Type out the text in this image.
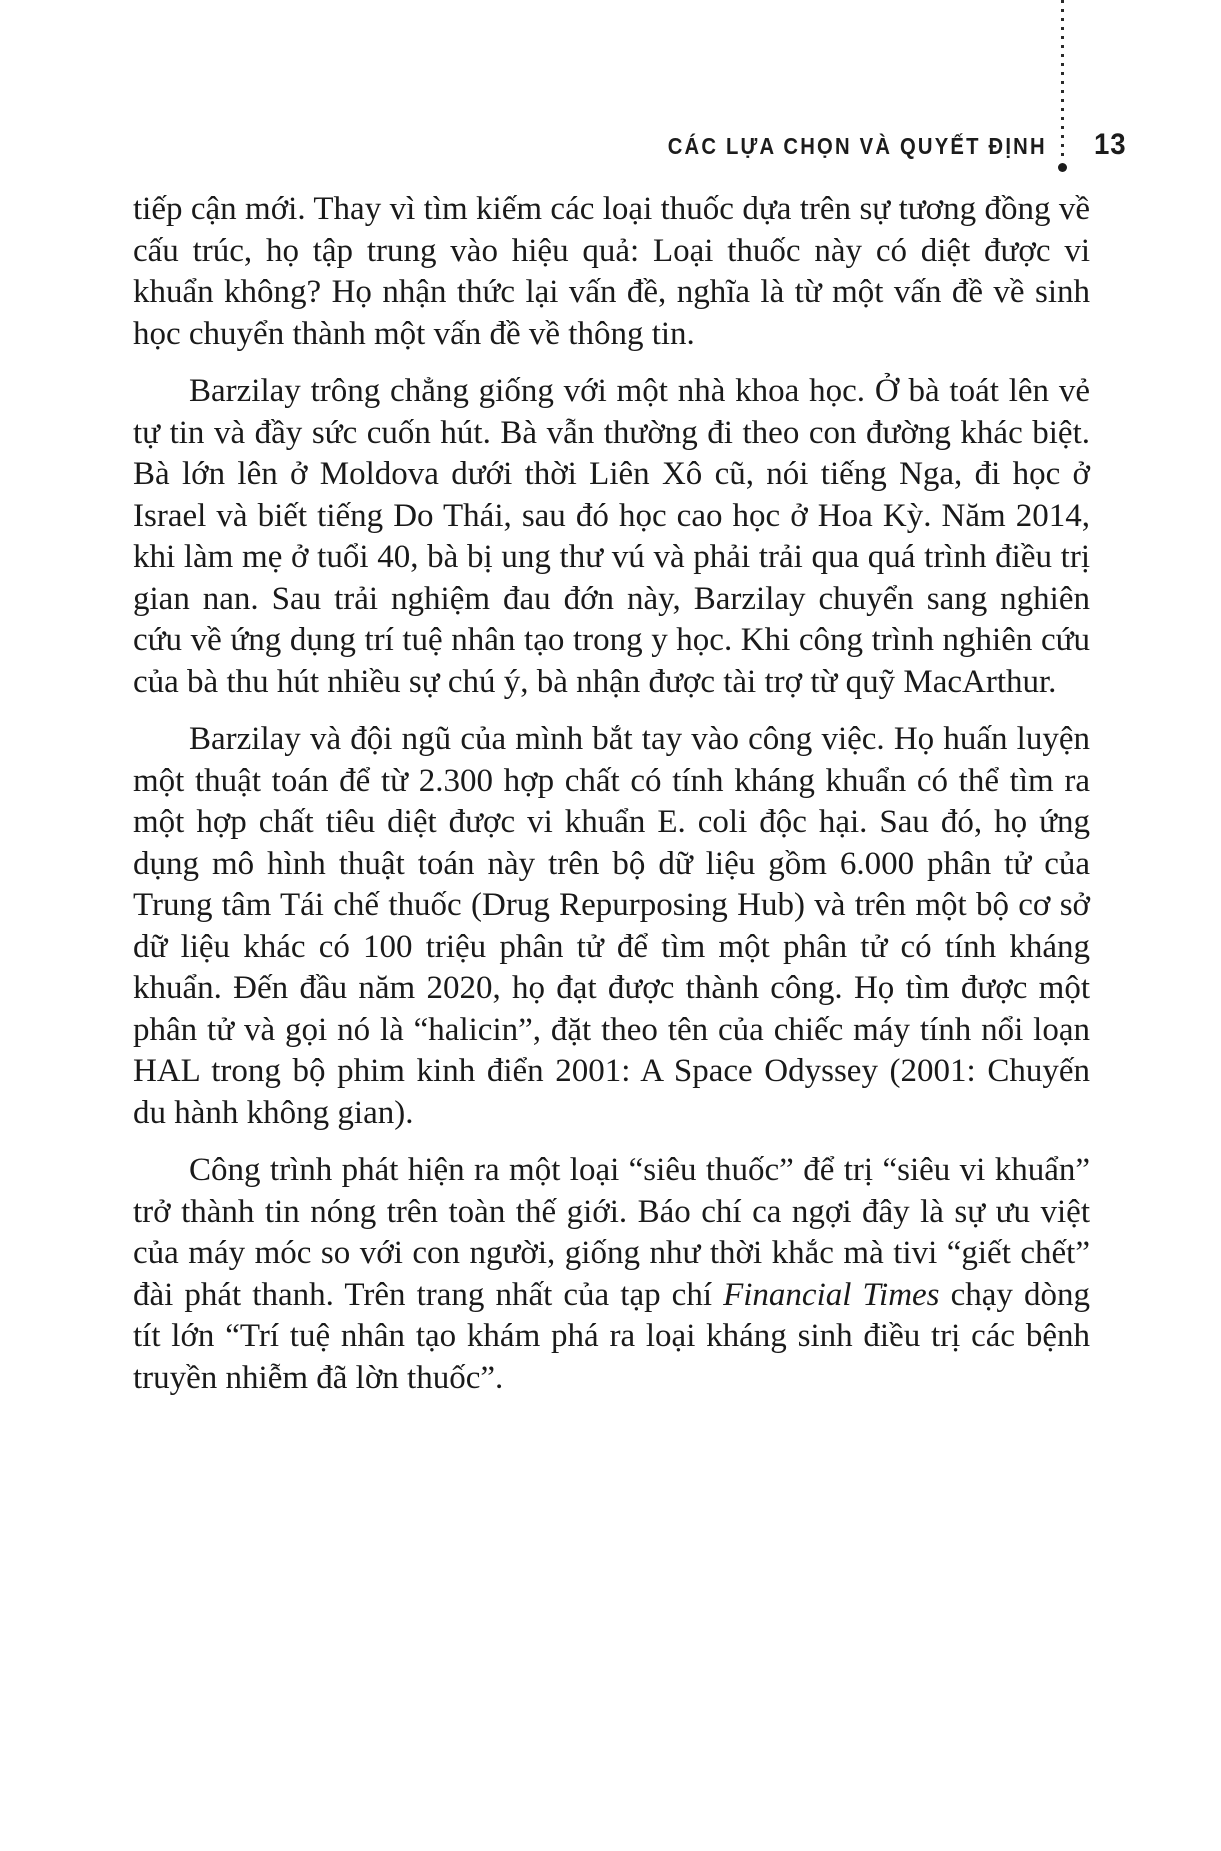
CÁC LỰA CHỌN VÀ QUYẾT ĐỊNH 13

tiếp cận mới. Thay vì tìm kiếm các loại thuốc dựa trên sự tương đồng về cấu trúc, họ tập trung vào hiệu quả: Loại thuốc này có diệt được vi khuẩn không? Họ nhận thức lại vấn đề, nghĩa là từ một vấn đề về sinh học chuyển thành một vấn đề về thông tin.

Barzilay trông chẳng giống với một nhà khoa học. Ở bà toát lên vẻ tự tin và đầy sức cuốn hút. Bà vẫn thường đi theo con đường khác biệt. Bà lớn lên ở Moldova dưới thời Liên Xô cũ, nói tiếng Nga, đi học ở Israel và biết tiếng Do Thái, sau đó học cao học ở Hoa Kỳ. Năm 2014, khi làm mẹ ở tuổi 40, bà bị ung thư vú và phải trải qua quá trình điều trị gian nan. Sau trải nghiệm đau đớn này, Barzilay chuyển sang nghiên cứu về ứng dụng trí tuệ nhân tạo trong y học. Khi công trình nghiên cứu của bà thu hút nhiều sự chú ý, bà nhận được tài trợ từ quỹ MacArthur.

Barzilay và đội ngũ của mình bắt tay vào công việc. Họ huấn luyện một thuật toán để từ 2.300 hợp chất có tính kháng khuẩn có thể tìm ra một hợp chất tiêu diệt được vi khuẩn E. coli độc hại. Sau đó, họ ứng dụng mô hình thuật toán này trên bộ dữ liệu gồm 6.000 phân tử của Trung tâm Tái chế thuốc (Drug Repurposing Hub) và trên một bộ cơ sở dữ liệu khác có 100 triệu phân tử để tìm một phân tử có tính kháng khuẩn. Đến đầu năm 2020, họ đạt được thành công. Họ tìm được một phân tử và gọi nó là “halicin”, đặt theo tên của chiếc máy tính nổi loạn HAL trong bộ phim kinh điển 2001: A Space Odyssey (2001: Chuyến du hành không gian).

Công trình phát hiện ra một loại “siêu thuốc” để trị “siêu vi khuẩn” trở thành tin nóng trên toàn thế giới. Báo chí ca ngợi đây là sự ưu việt của máy móc so với con người, giống như thời khắc mà tivi “giết chết” đài phát thanh. Trên trang nhất của tạp chí Financial Times chạy dòng tít lớn “Trí tuệ nhân tạo khám phá ra loại kháng sinh điều trị các bệnh truyền nhiễm đã lờn thuốc”.
